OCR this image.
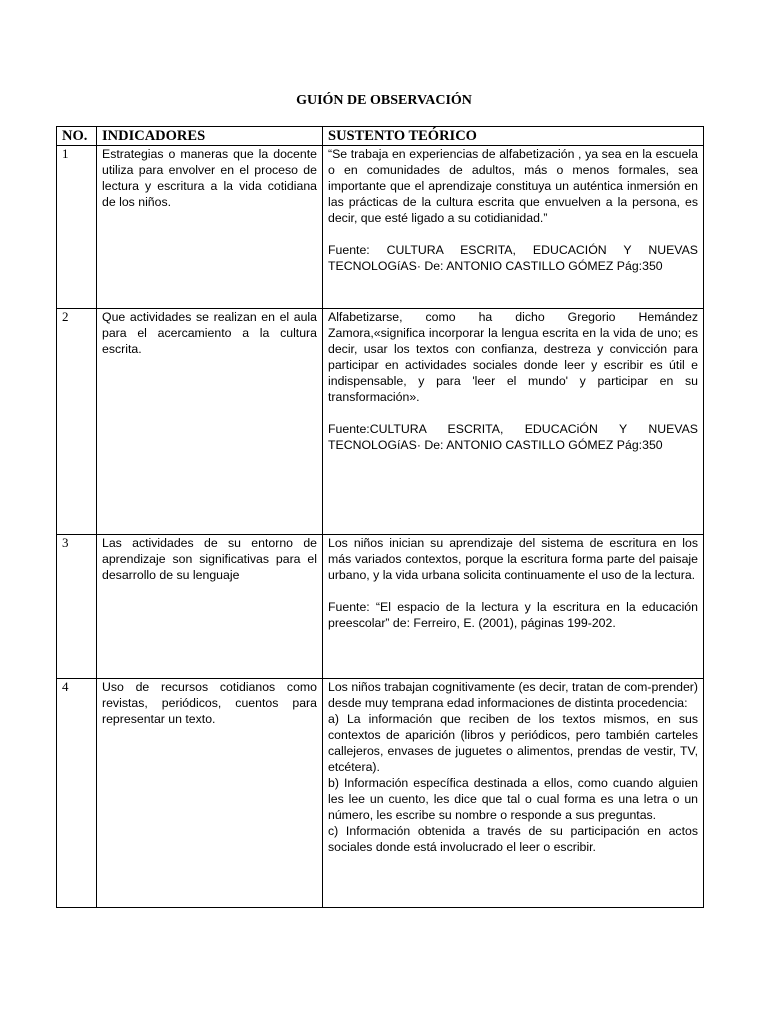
GUIÓN DE OBSERVACIÓN
NO.	INDICADORES	SUSTENTO TEÓRICO
1	Estrategias o maneras que la docente utiliza para envolver en el proceso de lectura y escritura a la vida cotidiana de los niños.	“Se trabaja en experiencias de alfabetización , ya sea en la escuela o en comunidades de adultos, más o menos formales, sea importante que el aprendizaje constituya un auténtica inmersión en las prácticas de la cultura escrita que envuelven a la persona, es decir, que esté ligado a su cotidianidad.”

Fuente: CULTURA ESCRITA, EDUCACIÓN Y NUEVAS TECNOLOGíAS· De: ANTONIO CASTILLO GÓMEZ Pág:350

2	Que actividades se realizan en el aula para el acercamiento a la cultura escrita.	Alfabetizarse, como ha dicho Gregorio Hemández Zamora,«significa incorporar la lengua escrita en la vida de uno; es decir, usar los textos con confianza, destreza y convicción para participar en actividades sociales donde leer y escribir es útil e indispensable, y para 'leer el mundo' y participar en su transformación».

Fuente:CULTURA ESCRITA, EDUCACiÓN Y NUEVAS TECNOLOGíAS· De: ANTONIO CASTILLO GÓMEZ Pág:350

3	Las actividades de su entorno de aprendizaje son significativas para el desarrollo de su lenguaje	Los niños inician su aprendizaje del sistema de escritura en los más variados contextos, porque la escritura forma parte del paisaje urbano, y la vida urbana solicita continuamente el uso de la lectura.

Fuente: “El espacio de la lectura y la escritura en la educación preescolar” de: Ferreiro, E. (2001), páginas 199-202.

4	Uso de recursos cotidianos como revistas, periódicos, cuentos para representar un texto.	Los niños trabajan cognitivamente (es decir, tratan de com-prender) desde muy temprana edad informaciones de distinta procedencia:

a) La información que reciben de los textos mismos, en sus contextos de aparición (libros y periódicos, pero también carteles callejeros, envases de juguetes o alimentos, prendas de vestir, TV, etcétera).

b) Información específica destinada a ellos, como cuando alguien les lee un cuento, les dice que tal o cual forma es una letra o un número, les escribe su nombre o responde a sus preguntas.

c) Información obtenida a través de su participación en actos sociales donde está involucrado el leer o escribir.
